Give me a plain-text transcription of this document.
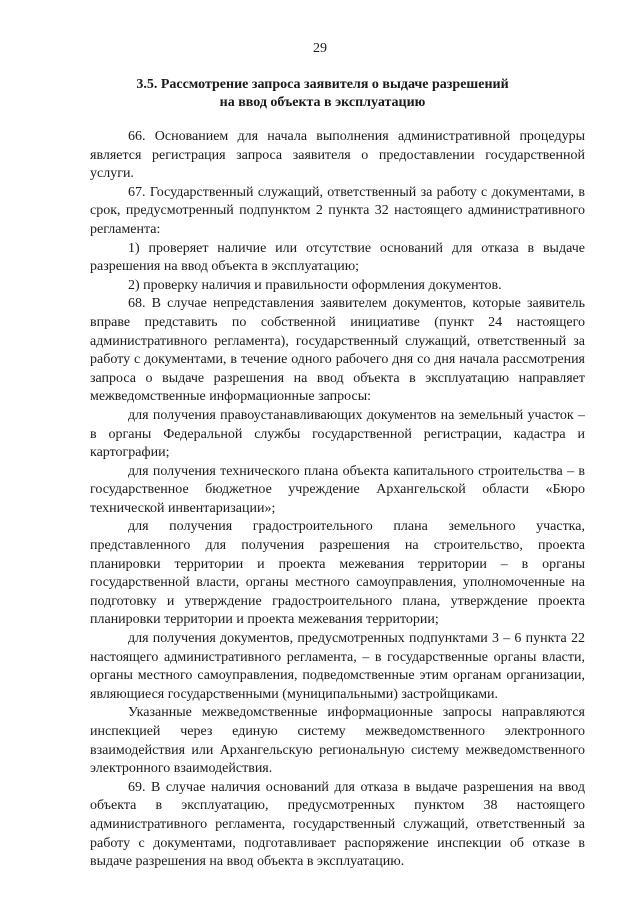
29
3.5. Рассмотрение запроса заявителя о выдаче разрешений
на ввод объекта в эксплуатацию

66. Основанием для начала выполнения административной процедуры является регистрация запроса заявителя о предоставлении государственной услуги.

67. Государственный служащий, ответственный за работу с документами, в срок, предусмотренный подпунктом 2 пункта 32 настоящего административного регламента:

1) проверяет наличие или отсутствие оснований для отказа в выдаче разрешения на ввод объекта в эксплуатацию;

2) проверку наличия и правильности оформления документов.

68. В случае непредставления заявителем документов, которые заявитель вправе представить по собственной инициативе (пункт 24 настоящего административного регламента), государственный служащий, ответственный за работу с документами, в течение одного рабочего дня со дня начала рассмотрения запроса о выдаче разрешения на ввод объекта в эксплуатацию направляет межведомственные информационные запросы:

для получения правоустанавливающих документов на земельный участок – в органы Федеральной службы государственной регистрации, кадастра и картографии;

для получения технического плана объекта капитального строительства – в государственное бюджетное учреждение Архангельской области «Бюро технической инвентаризации»;

для получения градостроительного плана земельного участка, представленного для получения разрешения на строительство, проекта планировки территории и проекта межевания территории – в органы государственной власти, органы местного самоуправления, уполномоченные на подготовку и утверждение градостроительного плана, утверждение проекта планировки территории и проекта межевания территории;

для получения документов, предусмотренных подпунктами 3 – 6 пункта 22 настоящего административного регламента, – в государственные органы власти, органы местного самоуправления, подведомственные этим органам организации, являющиеся государственными (муниципальными) застройщиками.

Указанные межведомственные информационные запросы направляются инспекцией через единую систему межведомственного электронного взаимодействия или Архангельскую региональную систему межведомственного электронного взаимодействия.

69. В случае наличия оснований для отказа в выдаче разрешения на ввод объекта в эксплуатацию, предусмотренных пунктом 38 настоящего административного регламента, государственный служащий, ответственный за работу с документами, подготавливает распоряжение инспекции об отказе в выдаче разрешения на ввод объекта в эксплуатацию.
